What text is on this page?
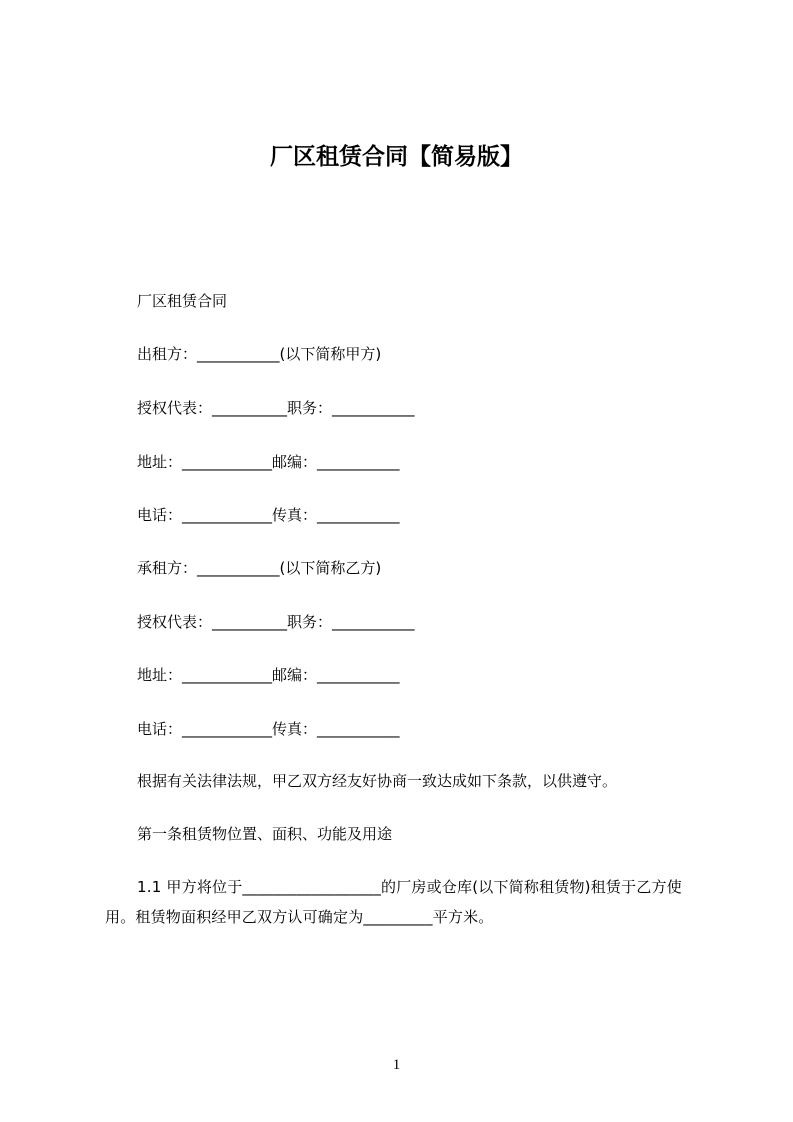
厂区租赁合同【简易版】
厂区租赁合同
出租方：___________(以下简称甲方)
授权代表：__________职务：___________
地址：____________邮编：___________
电话：____________传真：___________
承租方：___________(以下简称乙方)
授权代表：__________职务：___________
地址：____________邮编：___________
电话：____________传真：___________
根据有关法律法规，甲乙双方经友好协商一致达成如下条款，以供遵守。
第一条租赁物位置、面积、功能及用途
1.1 甲方将位于__________________的厂房或仓库(以下简称租赁物)租赁于乙方使用。租赁物面积经甲乙双方认可确定为_________平方米。
1
